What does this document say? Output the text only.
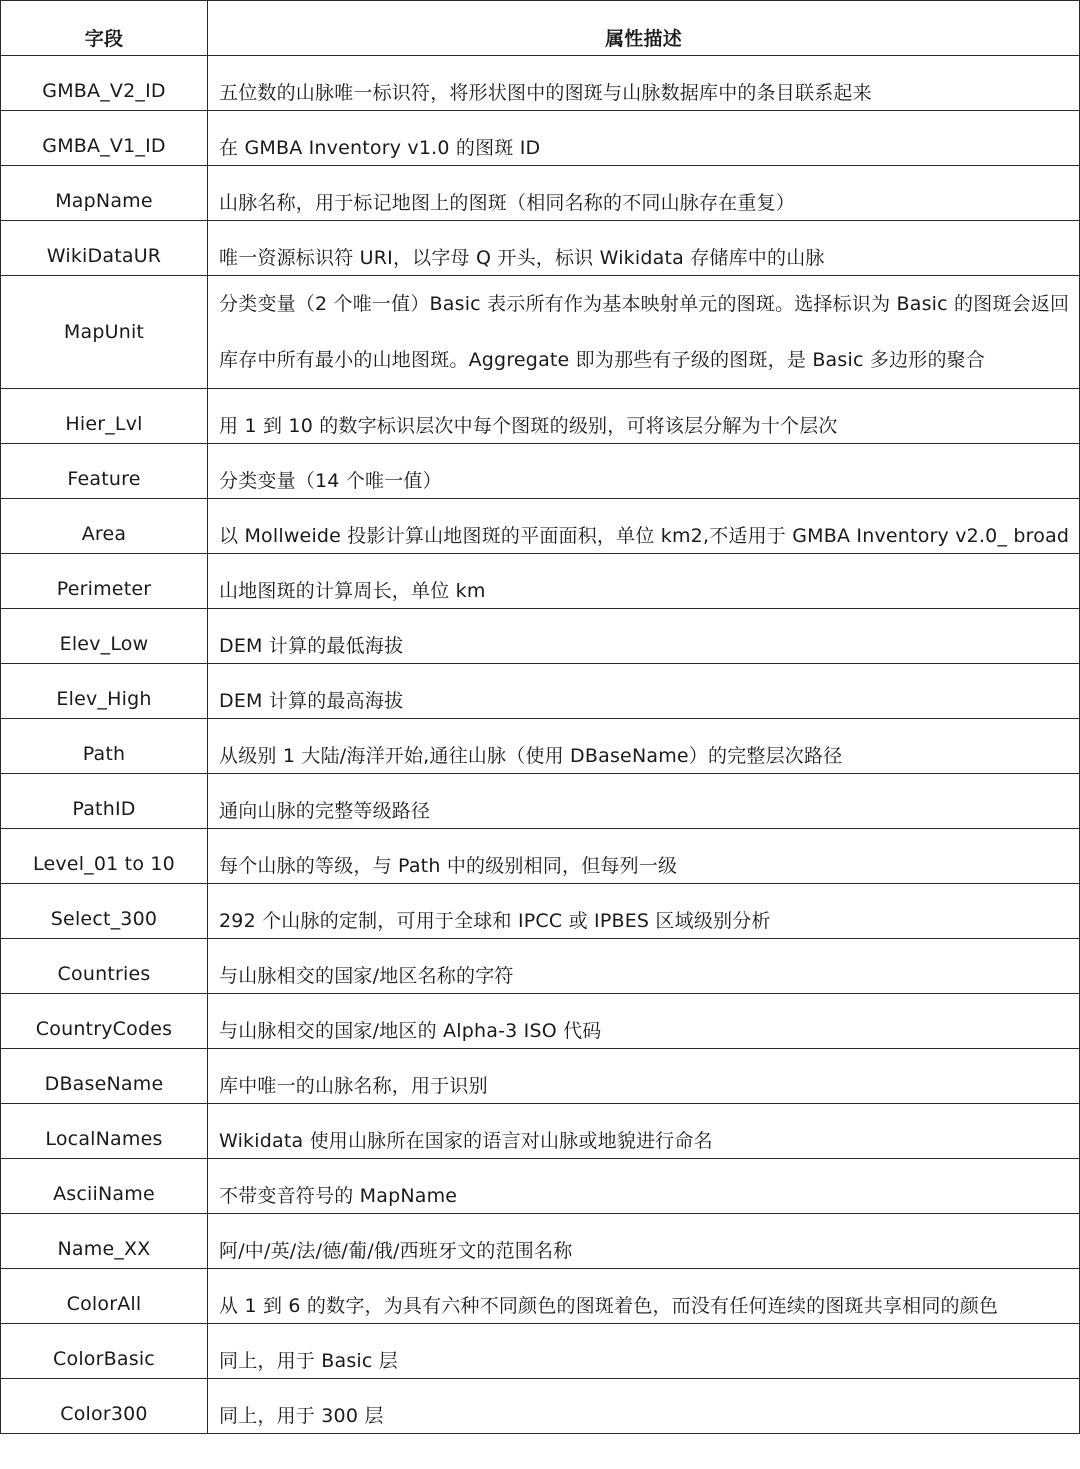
字段	属性描述
GMBA_V2_ID	五位数的山脉唯一标识符，将形状图中的图斑与山脉数据库中的条目联系起来
GMBA_V1_ID	在 GMBA Inventory v1.0 的图斑 ID
MapName	山脉名称，用于标记地图上的图斑（相同名称的不同山脉存在重复）
WikiDataUR	唯一资源标识符 URI，以字母 Q 开头，标识 Wikidata 存储库中的山脉
MapUnit	分类变量（2 个唯一值）Basic 表示所有作为基本映射单元的图斑。选择标识为 Basic 的图斑会返回库存中所有最小的山地图斑。Aggregate 即为那些有子级的图斑，是 Basic 多边形的聚合
Hier_Lvl	用 1 到 10 的数字标识层次中每个图斑的级别，可将该层分解为十个层次
Feature	分类变量（14 个唯一值）
Area	以 Mollweide 投影计算山地图斑的平面面积，单位 km2,不适用于 GMBA Inventory v2.0_ broad
Perimeter	山地图斑的计算周长，单位 km
Elev_Low	DEM 计算的最低海拔
Elev_High	DEM 计算的最高海拔
Path	从级别 1 大陆/海洋开始,通往山脉（使用 DBaseName）的完整层次路径
PathID	通向山脉的完整等级路径
Level_01 to 10	每个山脉的等级，与 Path 中的级别相同，但每列一级
Select_300	292 个山脉的定制，可用于全球和 IPCC 或 IPBES 区域级别分析
Countries	与山脉相交的国家/地区名称的字符
CountryCodes	与山脉相交的国家/地区的 Alpha-3 ISO 代码
DBaseName	库中唯一的山脉名称，用于识别
LocalNames	Wikidata 使用山脉所在国家的语言对山脉或地貌进行命名
AsciiName	不带变音符号的 MapName
Name_XX	阿/中/英/法/德/葡/俄/西班牙文的范围名称
ColorAll	从 1 到 6 的数字，为具有六种不同颜色的图斑着色，而没有任何连续的图斑共享相同的颜色
ColorBasic	同上，用于 Basic 层
Color300	同上，用于 300 层
